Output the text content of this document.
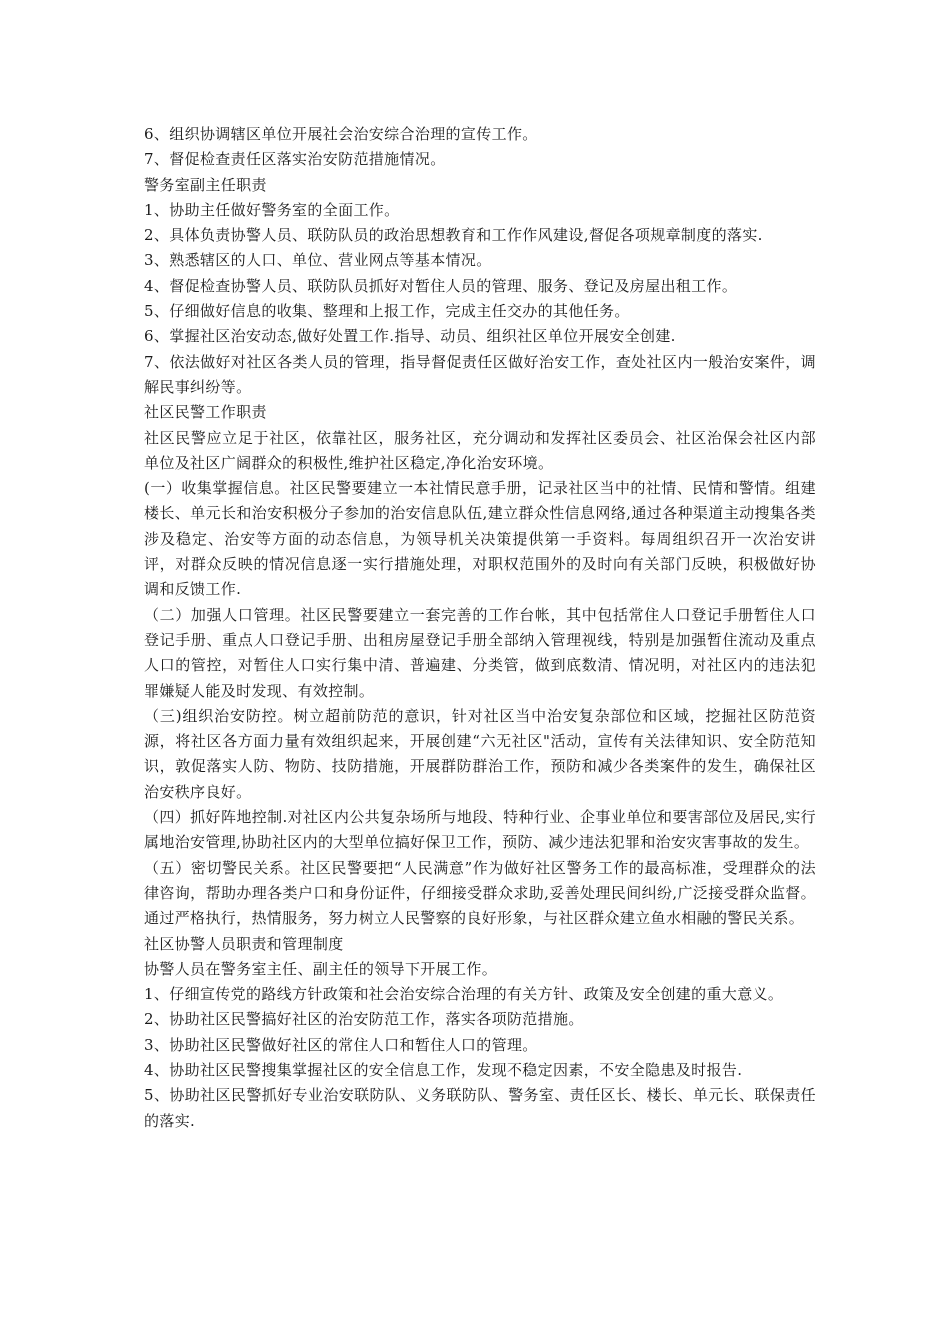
6、组织协调辖区单位开展社会治安综合治理的宣传工作。

7、督促检查责任区落实治安防范措施情况。

警务室副主任职责

1、协助主任做好警务室的全面工作。

2、具体负责协警人员、联防队员的政治思想教育和工作作风建设,督促各项规章制度的落实.

3、熟悉辖区的人口、单位、营业网点等基本情况。

4、督促检查协警人员、联防队员抓好对暂住人员的管理、服务、登记及房屋出租工作。

5、仔细做好信息的收集、整理和上报工作，完成主任交办的其他任务。

6、掌握社区治安动态,做好处置工作.指导、动员、组织社区单位开展安全创建.

7、依法做好对社区各类人员的管理，指导督促责任区做好治安工作，查处社区内一般治安案件，调解民事纠纷等。

社区民警工作职责

社区民警应立足于社区，依靠社区，服务社区，充分调动和发挥社区委员会、社区治保会社区内部单位及社区广阔群众的积极性,维护社区稳定,净化治安环境。

(一）收集掌握信息。社区民警要建立一本社情民意手册，记录社区当中的社情、民情和警情。组建楼长、单元长和治安积极分子参加的治安信息队伍,建立群众性信息网络,通过各种渠道主动搜集各类涉及稳定、治安等方面的动态信息，为领导机关决策提供第一手资料。每周组织召开一次治安讲评，对群众反映的情况信息逐一实行措施处理，对职权范围外的及时向有关部门反映，积极做好协调和反馈工作.

（二）加强人口管理。社区民警要建立一套完善的工作台帐，其中包括常住人口登记手册暂住人口登记手册、重点人口登记手册、出租房屋登记手册全部纳入管理视线，特别是加强暂住流动及重点人口的管控，对暂住人口实行集中清、普遍建、分类管，做到底数清、情况明，对社区内的违法犯罪嫌疑人能及时发现、有效控制。

（三)组织治安防控。树立超前防范的意识，针对社区当中治安复杂部位和区域，挖掘社区防范资源，将社区各方面力量有效组织起来，开展创建“六无社区"活动，宣传有关法律知识、安全防范知识，敦促落实人防、物防、技防措施，开展群防群治工作，预防和减少各类案件的发生，确保社区治安秩序良好。

（四）抓好阵地控制.对社区内公共复杂场所与地段、特种行业、企事业单位和要害部位及居民,实行属地治安管理,协助社区内的大型单位搞好保卫工作，预防、减少违法犯罪和治安灾害事故的发生。

（五）密切警民关系。社区民警要把“人民满意”作为做好社区警务工作的最高标准，受理群众的法律咨询，帮助办理各类户口和身份证件，仔细接受群众求助,妥善处理民间纠纷,广泛接受群众监督。通过严格执行，热情服务，努力树立人民警察的良好形象，与社区群众建立鱼水相融的警民关系。

社区协警人员职责和管理制度

协警人员在警务室主任、副主任的领导下开展工作。

1、仔细宣传党的路线方针政策和社会治安综合治理的有关方针、政策及安全创建的重大意义。

2、协助社区民警搞好社区的治安防范工作，落实各项防范措施。

3、协助社区民警做好社区的常住人口和暂住人口的管理。

4、协助社区民警搜集掌握社区的安全信息工作，发现不稳定因素，不安全隐患及时报告.

5、协助社区民警抓好专业治安联防队、义务联防队、警务室、责任区长、楼长、单元长、联保责任的落实.
